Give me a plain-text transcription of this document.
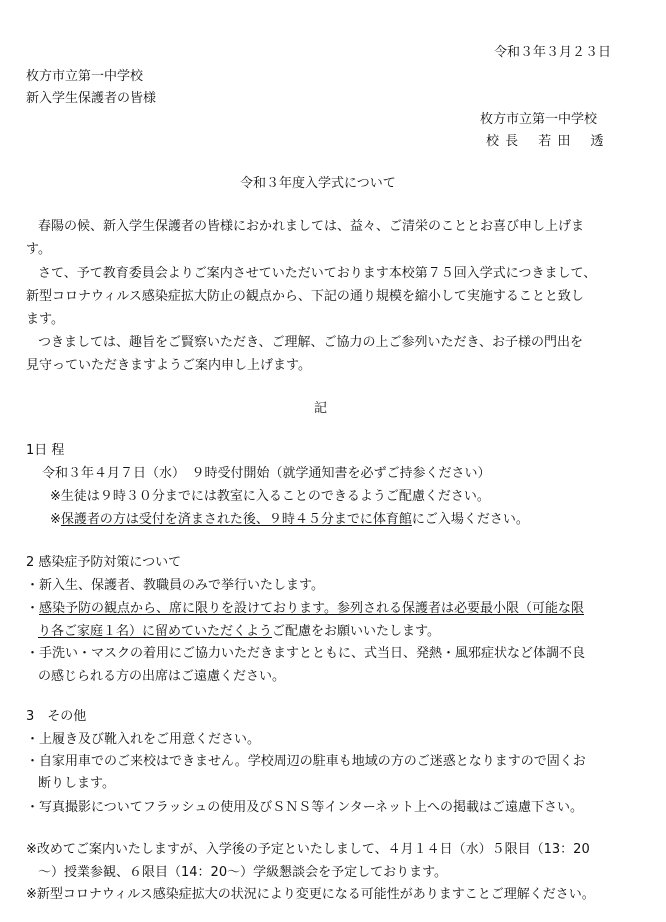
令和３年３月２３日
枚方市立第一中学校
新入学生保護者の皆様
枚方市立第一中学校
校 長　 若 田　 透
令和３年度入学式について
春陽の候、新入学生保護者の皆様におかれましては、益々、ご清栄のこととお喜び申し上げま
す。
さて、予て教育委員会よりご案内させていただいております本校第７５回入学式につきまして、
新型コロナウィルス感染症拡大防止の観点から、下記の通り規模を縮小して実施することと致し
ます。
つきましては、趣旨をご賢察いただき、ご理解、ご協力の上ご参列いただき、お子様の門出を
見守っていただきますようご案内申し上げます。
記
1日 程
令和３年４月７日（水）　９時受付開始（就学通知書を必ずご持参ください）
※生徒は９時３０分までには教室に入ることのできるようご配慮ください。
※保護者の方は受付を済まされた後、９時４５分までに体育館にご入場ください。
2 感染症予防対策について
・新入生、保護者、教職員のみで挙行いたします。
・感染予防の観点から、席に限りを設けております。参列される保護者は必要最小限（可能な限
り各ご家庭１名）に留めていただくようご配慮をお願いいたします。
・手洗い・マスクの着用にご協力いただきますとともに、式当日、発熱・風邪症状など体調不良
の感じられる方の出席はご遠慮ください。
3　その他
・上履き及び靴入れをご用意ください。
・自家用車でのご来校はできません。学校周辺の駐車も地域の方のご迷惑となりますので固くお
断りします。
・写真撮影についてフラッシュの使用及びＳＮＳ等インターネット上への掲載はご遠慮下さい。
※改めてご案内いたしますが、入学後の予定といたしまして、４月１４日（水）５限目（13：20
～）授業参観、６限目（14：20～）学級懇談会を予定しております。
※新型コロナウィルス感染症拡大の状況により変更になる可能性がありますことご理解ください。
